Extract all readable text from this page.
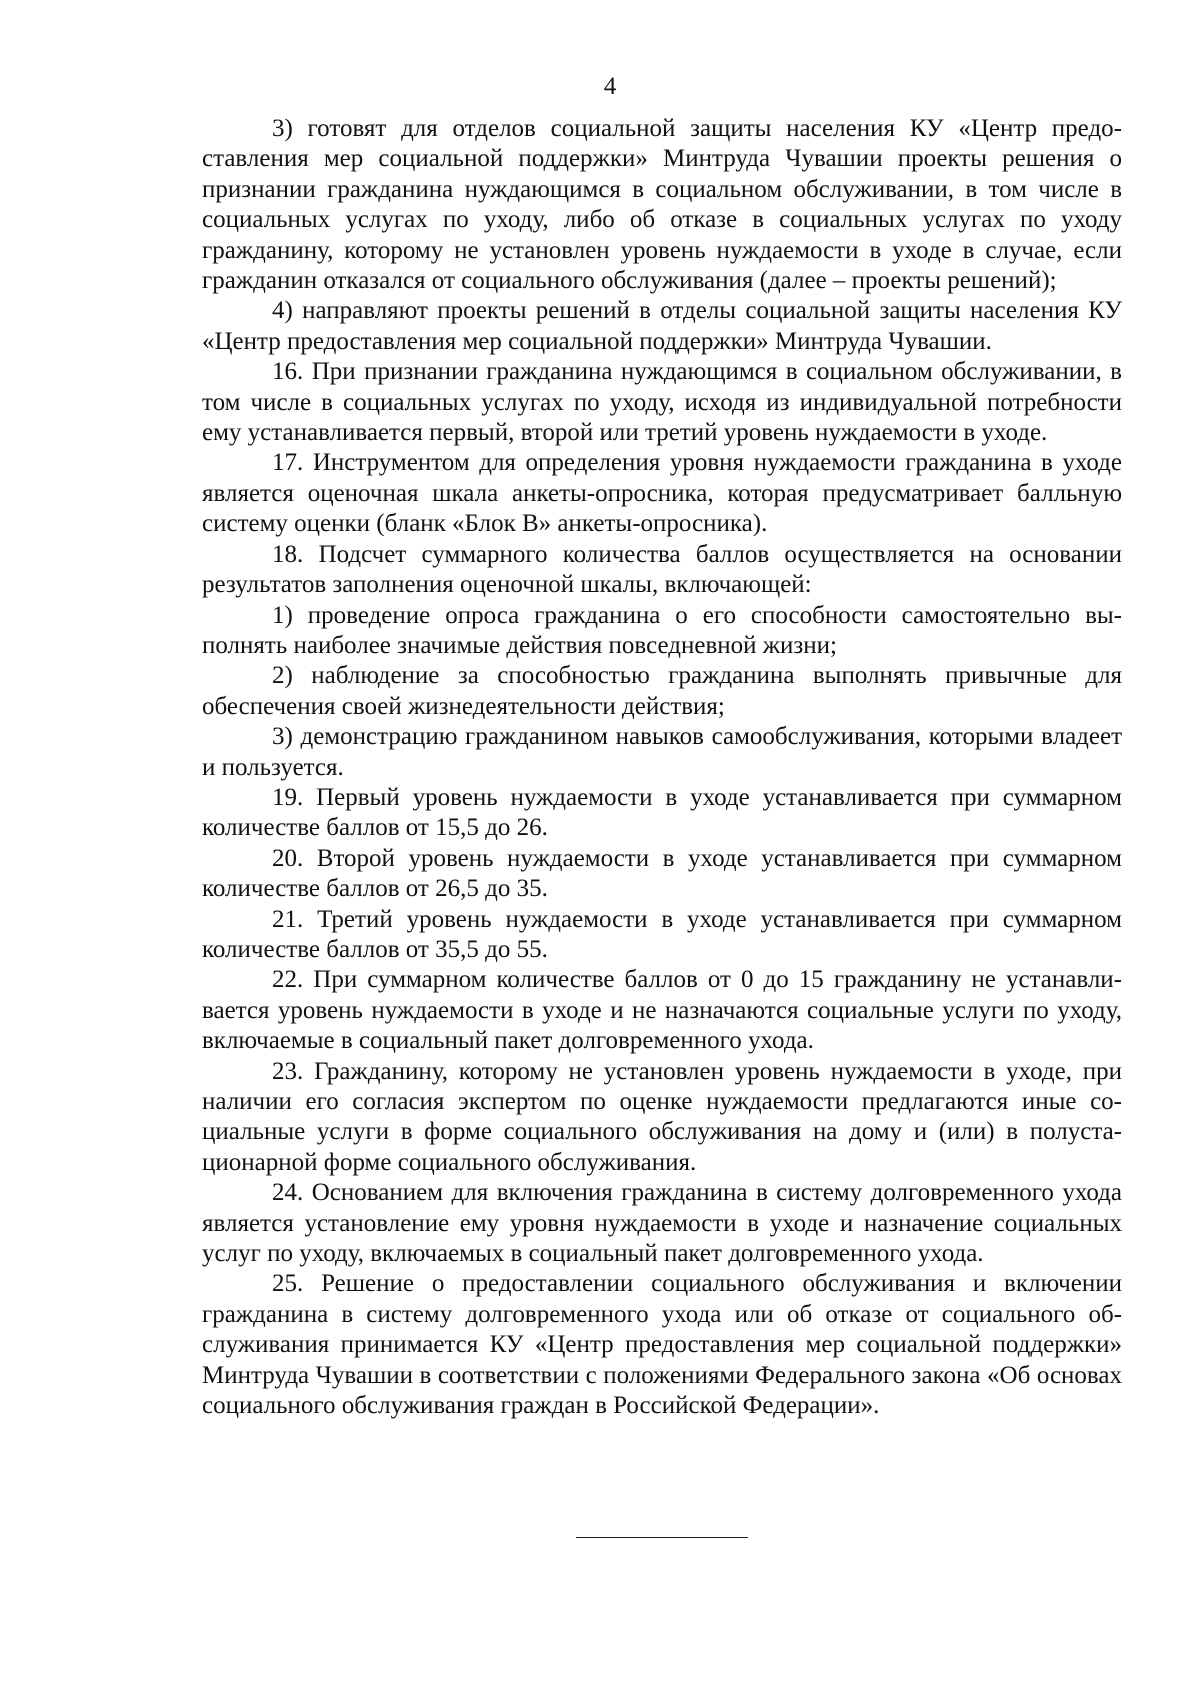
4

3) готовят для отделов социальной защиты населения КУ «Центр предоставления мер социальной поддержки» Минтруда Чувашии проекты решения о признании гражданина нуждающимся в социальном обслуживании, в том числе в социальных услугах по уходу, либо об отказе в социальных услугах по уходу гражданину, которому не установлен уровень нуждаемости в уходе в случае, если гражданин отказался от социального обслуживания (далее – проекты решений);

4) направляют проекты решений в отделы социальной защиты населения КУ «Центр предоставления мер социальной поддержки» Минтруда Чувашии.

16. При признании гражданина нуждающимся в социальном обслуживании, в том числе в социальных услугах по уходу, исходя из индивидуальной потребности ему устанавливается первый, второй или третий уровень нуждаемости в уходе.

17. Инструментом для определения уровня нуждаемости гражданина в уходе является оценочная шкала анкеты-опросника, которая предусматривает балльную систему оценки (бланк «Блок В» анкеты-опросника).

18. Подсчет суммарного количества баллов осуществляется на основании результатов заполнения оценочной шкалы, включающей:

1) проведение опроса гражданина о его способности самостоятельно выполнять наиболее значимые действия повседневной жизни;

2) наблюдение за способностью гражданина выполнять привычные для обеспечения своей жизнедеятельности действия;

3) демонстрацию гражданином навыков самообслуживания, которыми владеет и пользуется.

19. Первый уровень нуждаемости в уходе устанавливается при суммарном количестве баллов от 15,5 до 26.

20. Второй уровень нуждаемости в уходе устанавливается при суммарном количестве баллов от 26,5 до 35.

21. Третий уровень нуждаемости в уходе устанавливается при суммарном количестве баллов от 35,5 до 55.

22. При суммарном количестве баллов от 0 до 15 гражданину не устанавливается уровень нуждаемости в уходе и не назначаются социальные услуги по уходу, включаемые в социальный пакет долговременного ухода.

23. Гражданину, которому не установлен уровень нуждаемости в уходе, при наличии его согласия экспертом по оценке нуждаемости предлагаются иные социальные услуги в форме социального обслуживания на дому и (или) в полустационарной форме социального обслуживания.

24. Основанием для включения гражданина в систему долговременного ухода является установление ему уровня нуждаемости в уходе и назначение социальных услуг по уходу, включаемых в социальный пакет долговременного ухода.

25. Решение о предоставлении социального обслуживания и включении гражданина в систему долговременного ухода или об отказе от социального обслуживания принимается КУ «Центр предоставления мер социальной поддержки» Минтруда Чувашии в соответствии с положениями Федерального закона «Об основах социального обслуживания граждан в Российской Федерации».
